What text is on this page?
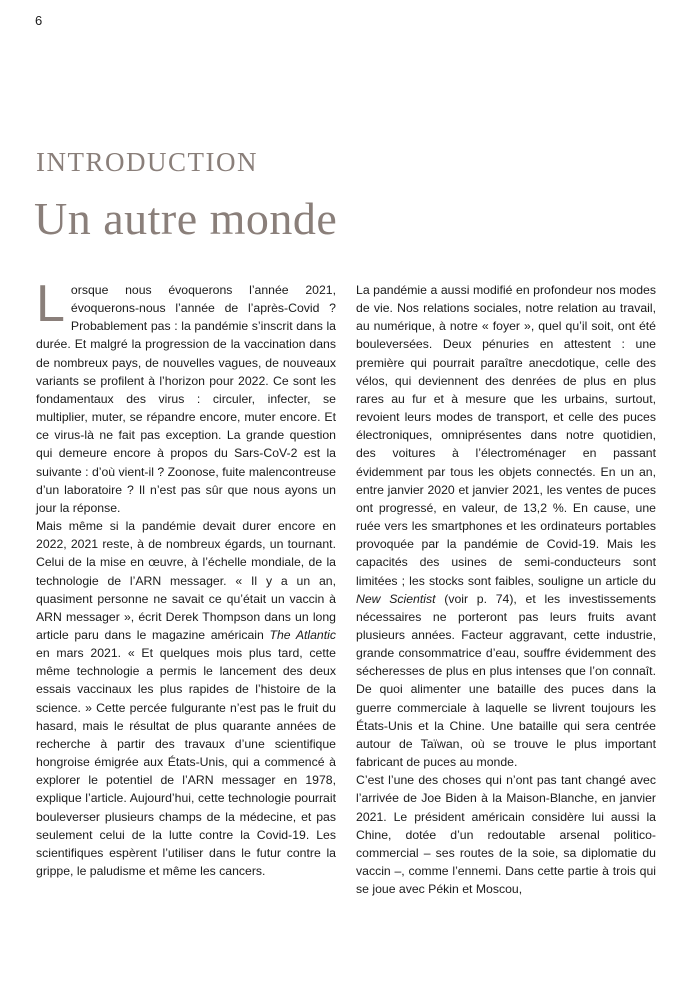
6
INTRODUCTION
Un autre monde

Lorsque nous évoquerons l’année 2021, évoquerons-nous l’année de l’après-Covid ? Probablement pas : la pandémie s’inscrit dans la durée. Et malgré la progression de la vaccination dans de nombreux pays, de nouvelles vagues, de nouveaux variants se profilent à l’horizon pour 2022. Ce sont les fondamentaux des virus : circuler, infecter, se multiplier, muter, se répandre encore, muter encore. Et ce virus-là ne fait pas exception. La grande question qui demeure encore à propos du Sars-CoV-2 est la suivante : d’où vient-il ? Zoonose, fuite malencontreuse d’un laboratoire ? Il n’est pas sûr que nous ayons un jour la réponse.

Mais même si la pandémie devait durer encore en 2022, 2021 reste, à de nombreux égards, un tournant. Celui de la mise en œuvre, à l’échelle mondiale, de la technologie de l’ARN messager. « Il y a un an, quasiment personne ne savait ce qu’était un vaccin à ARN messager », écrit Derek Thompson dans un long article paru dans le magazine américain The Atlantic en mars 2021. « Et quelques mois plus tard, cette même technologie a permis le lancement des deux essais vaccinaux les plus rapides de l’histoire de la science. » Cette percée fulgurante n’est pas le fruit du hasard, mais le résultat de plus quarante années de recherche à partir des travaux d’une scientifique hongroise émigrée aux États-Unis, qui a commencé à explorer le potentiel de l’ARN messager en 1978, explique l’article. Aujourd’hui, cette technologie pourrait bouleverser plusieurs champs de la médecine, et pas seulement celui de la lutte contre la Covid-19. Les scientifiques espèrent l’utiliser dans le futur contre la grippe, le paludisme et même les cancers.

La pandémie a aussi modifié en profondeur nos modes de vie. Nos relations sociales, notre relation au travail, au numérique, à notre « foyer », quel qu’il soit, ont été bouleversées. Deux pénuries en attestent : une première qui pourrait paraître anecdotique, celle des vélos, qui deviennent des denrées de plus en plus rares au fur et à mesure que les urbains, surtout, revoient leurs modes de transport, et celle des puces électroniques, omniprésentes dans notre quotidien, des voitures à l’électroménager en passant évidemment par tous les objets connectés. En un an, entre janvier 2020 et janvier 2021, les ventes de puces ont progressé, en valeur, de 13,2 %. En cause, une ruée vers les smartphones et les ordinateurs portables provoquée par la pandémie de Covid-19. Mais les capacités des usines de semi-conducteurs sont limitées ; les stocks sont faibles, souligne un article du New Scientist (voir p. 74), et les investissements nécessaires ne porteront pas leurs fruits avant plusieurs années. Facteur aggravant, cette industrie, grande consommatrice d’eau, souffre évidemment des sécheresses de plus en plus intenses que l’on connaît. De quoi alimenter une bataille des puces dans la guerre commerciale à laquelle se livrent toujours les États-Unis et la Chine. Une bataille qui sera centrée autour de Taïwan, où se trouve le plus important fabricant de puces au monde.

C’est l’une des choses qui n’ont pas tant changé avec l’arrivée de Joe Biden à la Maison-Blanche, en janvier 2021. Le président américain considère lui aussi la Chine, dotée d’un redoutable arsenal politico-commercial – ses routes de la soie, sa diplomatie du vaccin –, comme l’ennemi. Dans cette partie à trois qui se joue avec Pékin et Moscou,
